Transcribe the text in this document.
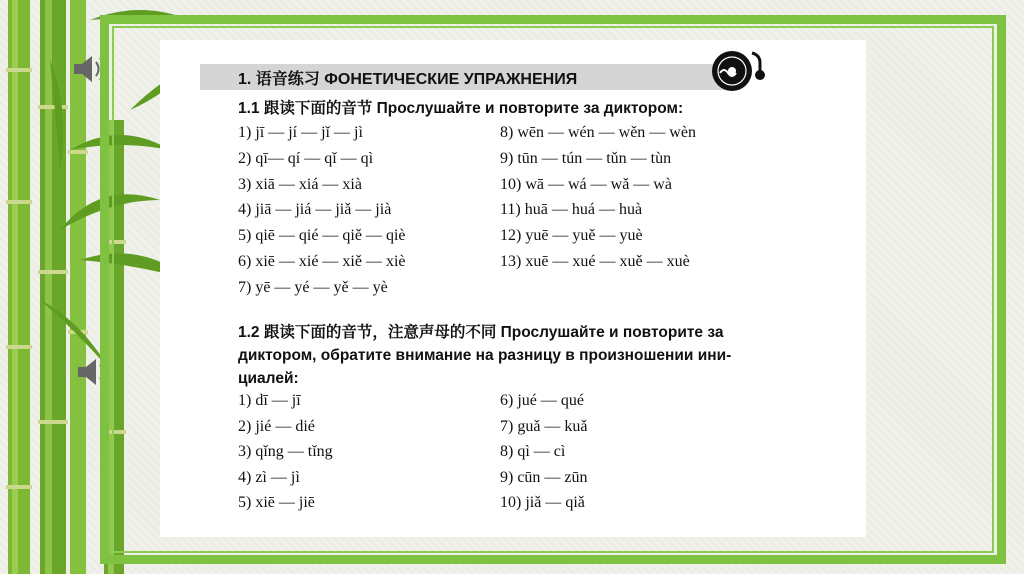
1. 语音练习 ФОНЕТИЧЕСКИЕ УПРАЖНЕНИЯ
1.1 跟读下面的音节 Прослушайте и повторите за диктором:
1) jī — jí — jǐ — jì
2) qī— qí — qǐ — qì
3) xiā — xiá — xià
4) jiā — jiá — jiǎ — jià
5) qiē — qié — qiě — qiè
6) xiē — xié — xiě — xiè
7) yē — yé — yě — yè
8) wēn — wén — wěn — wèn
9) tūn — tún — tǔn — tùn
10) wā — wá — wǎ — wà
11) huā — huá — huà
12) yuē — yuě — yuè
13) xuē — xué — xuě — xuè
1.2 跟读下面的音节，注意声母的不同 Прослушайте и повторите за
диктором, обратите внимание на разницу в произношении ини-
циалей:
1) dī — jī
2) jié — dié
3) qǐng — tǐng
4) zì — jì
5) xiē — jiē
6) jué — qué
7) guǎ — kuǎ
8) qì — cì
9) cūn — zūn
10) jiǎ — qiǎ
